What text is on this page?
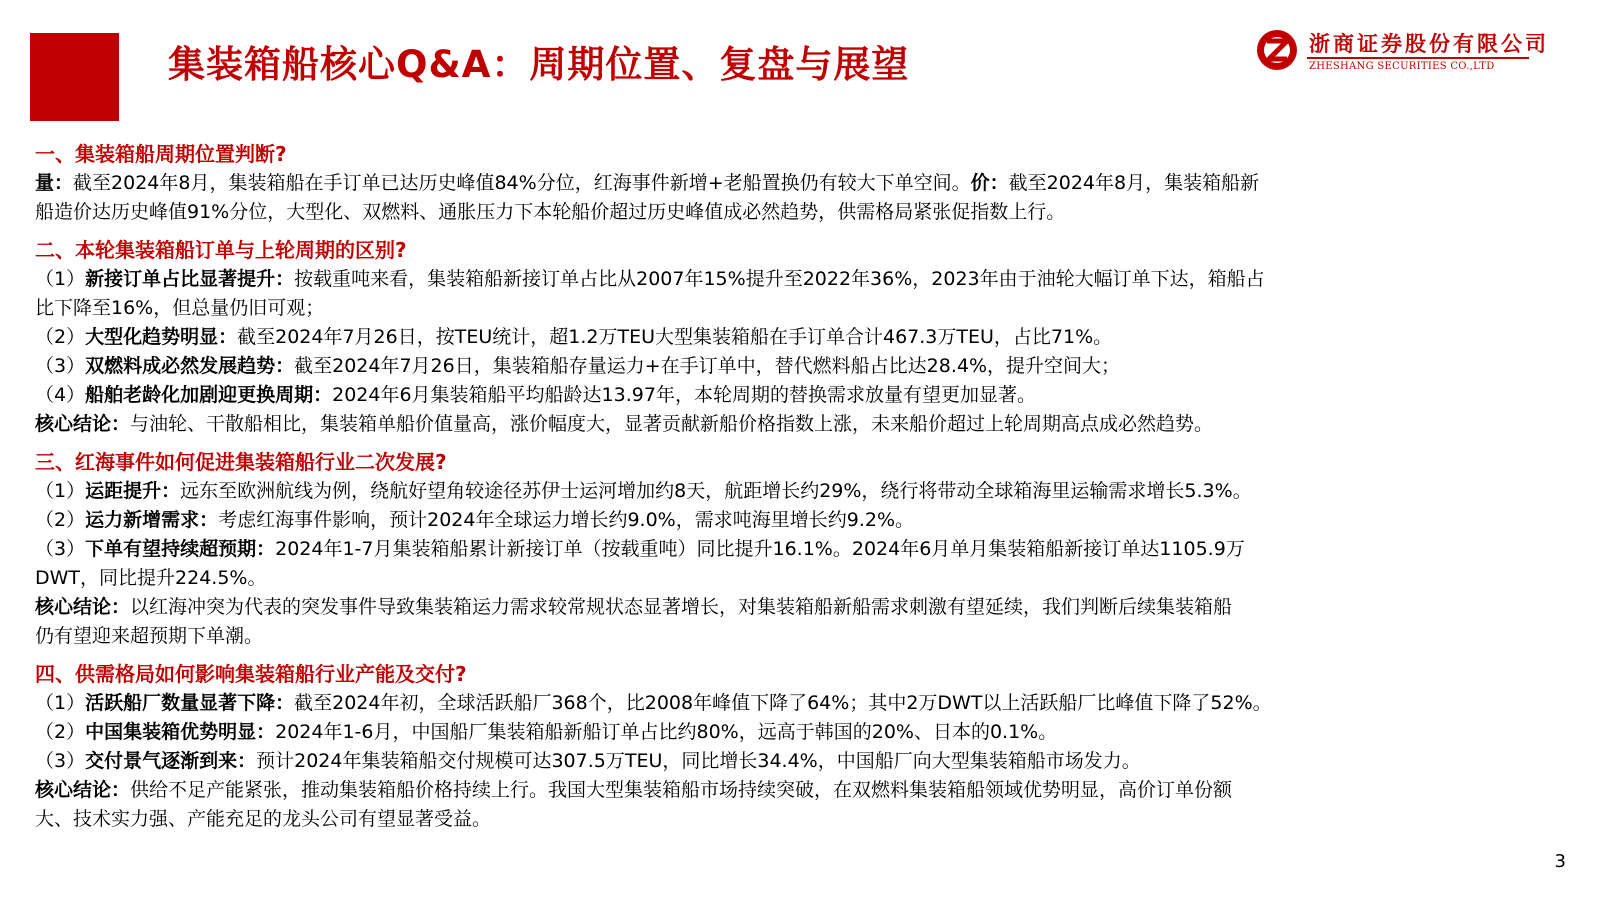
集装箱船核心Q&A：周期位置、复盘与展望	浙商证券股份有限公司
ZHESHANG SECURITIES CO.,LTD
一、集装箱船周期位置判断?
量：截至2024年8月，集装箱船在手订单已达历史峰值84%分位，红海事件新增+老船置换仍有较大下单空间。价：截至2024年8月，集装箱船新
船造价达历史峰值91%分位，大型化、双燃料、通胀压力下本轮船价超过历史峰值成必然趋势，供需格局紧张促指数上行。
二、本轮集装箱船订单与上轮周期的区别?
（1）新接订单占比显著提升：按载重吨来看，集装箱船新接订单占比从2007年15%提升至2022年36%，2023年由于油轮大幅订单下达，箱船占
比下降至16%，但总量仍旧可观；
（2）大型化趋势明显：截至2024年7月26日，按TEU统计，超1.2万TEU大型集装箱船在手订单合计467.3万TEU，占比71%。
（3）双燃料成必然发展趋势：截至2024年7月26日，集装箱船存量运力+在手订单中，替代燃料船占比达28.4%，提升空间大；
（4）船舶老龄化加剧迎更换周期：2024年6月集装箱船平均船龄达13.97年，本轮周期的替换需求放量有望更加显著。
核心结论：与油轮、干散船相比，集装箱单船价值量高，涨价幅度大，显著贡献新船价格指数上涨，未来船价超过上轮周期高点成必然趋势。
三、红海事件如何促进集装箱船行业二次发展?
（1）运距提升：远东至欧洲航线为例，绕航好望角较途径苏伊士运河增加约8天，航距增长约29%，绕行将带动全球箱海里运输需求增长5.3%。
（2）运力新增需求：考虑红海事件影响，预计2024年全球运力增长约9.0%，需求吨海里增长约9.2%。
（3）下单有望持续超预期：2024年1-7月集装箱船累计新接订单（按载重吨）同比提升16.1%。2024年6月单月集装箱船新接订单达1105.9万
DWT，同比提升224.5%。
核心结论：以红海冲突为代表的突发事件导致集装箱运力需求较常规状态显著增长，对集装箱船新船需求刺激有望延续，我们判断后续集装箱船
仍有望迎来超预期下单潮。
四、供需格局如何影响集装箱船行业产能及交付?
（1）活跃船厂数量显著下降：截至2024年初，全球活跃船厂368个，比2008年峰值下降了64%；其中2万DWT以上活跃船厂比峰值下降了52%。
（2）中国集装箱优势明显：2024年1-6月，中国船厂集装箱船新船订单占比约80%，远高于韩国的20%、日本的0.1%。
（3）交付景气逐渐到来：预计2024年集装箱船交付规模可达307.5万TEU，同比增长34.4%，中国船厂向大型集装箱船市场发力。
核心结论：供给不足产能紧张，推动集装箱船价格持续上行。我国大型集装箱船市场持续突破，在双燃料集装箱船领域优势明显，高价订单份额
大、技术实力强、产能充足的龙头公司有望显著受益。
3
